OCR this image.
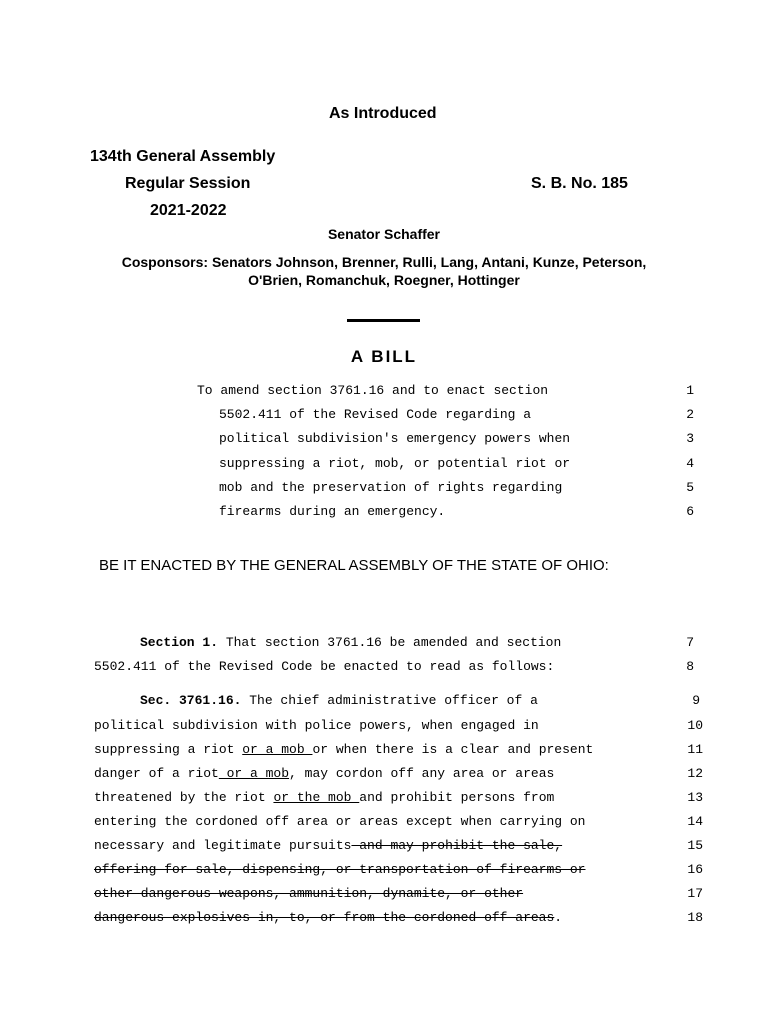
As Introduced
134th General Assembly
Regular Session	S. B. No. 185
2021-2022
Senator Schaffer
Cosponsors: Senators Johnson, Brenner, Rulli, Lang, Antani, Kunze, Peterson,
O'Brien, Romanchuk, Roegner, Hottinger
A BILL
To amend section 3761.16 and to enact section	1
5502.411 of the Revised Code regarding a	2
political subdivision's emergency powers when	3
suppressing a riot, mob, or potential riot or	4
mob and the preservation of rights regarding	5
firearms during an emergency.	6
BE IT ENACTED BY THE GENERAL ASSEMBLY OF THE STATE OF OHIO:
Section 1. That section 3761.16 be amended and section	7
5502.411 of the Revised Code be enacted to read as follows:	8
Sec. 3761.16. The chief administrative officer of a	9
political subdivision with police powers, when engaged in	10
suppressing a riot or a mob or when there is a clear and present	11
danger of a riot or a mob, may cordon off any area or areas	12
threatened by the riot or the mob and prohibit persons from	13
entering the cordoned off area or areas except when carrying on	14
necessary and legitimate pursuits and may prohibit the sale,	15
offering for sale, dispensing, or transportation of firearms or	16
other dangerous weapons, ammunition, dynamite, or other	17
dangerous explosives in, to, or from the cordoned off areas.	18
